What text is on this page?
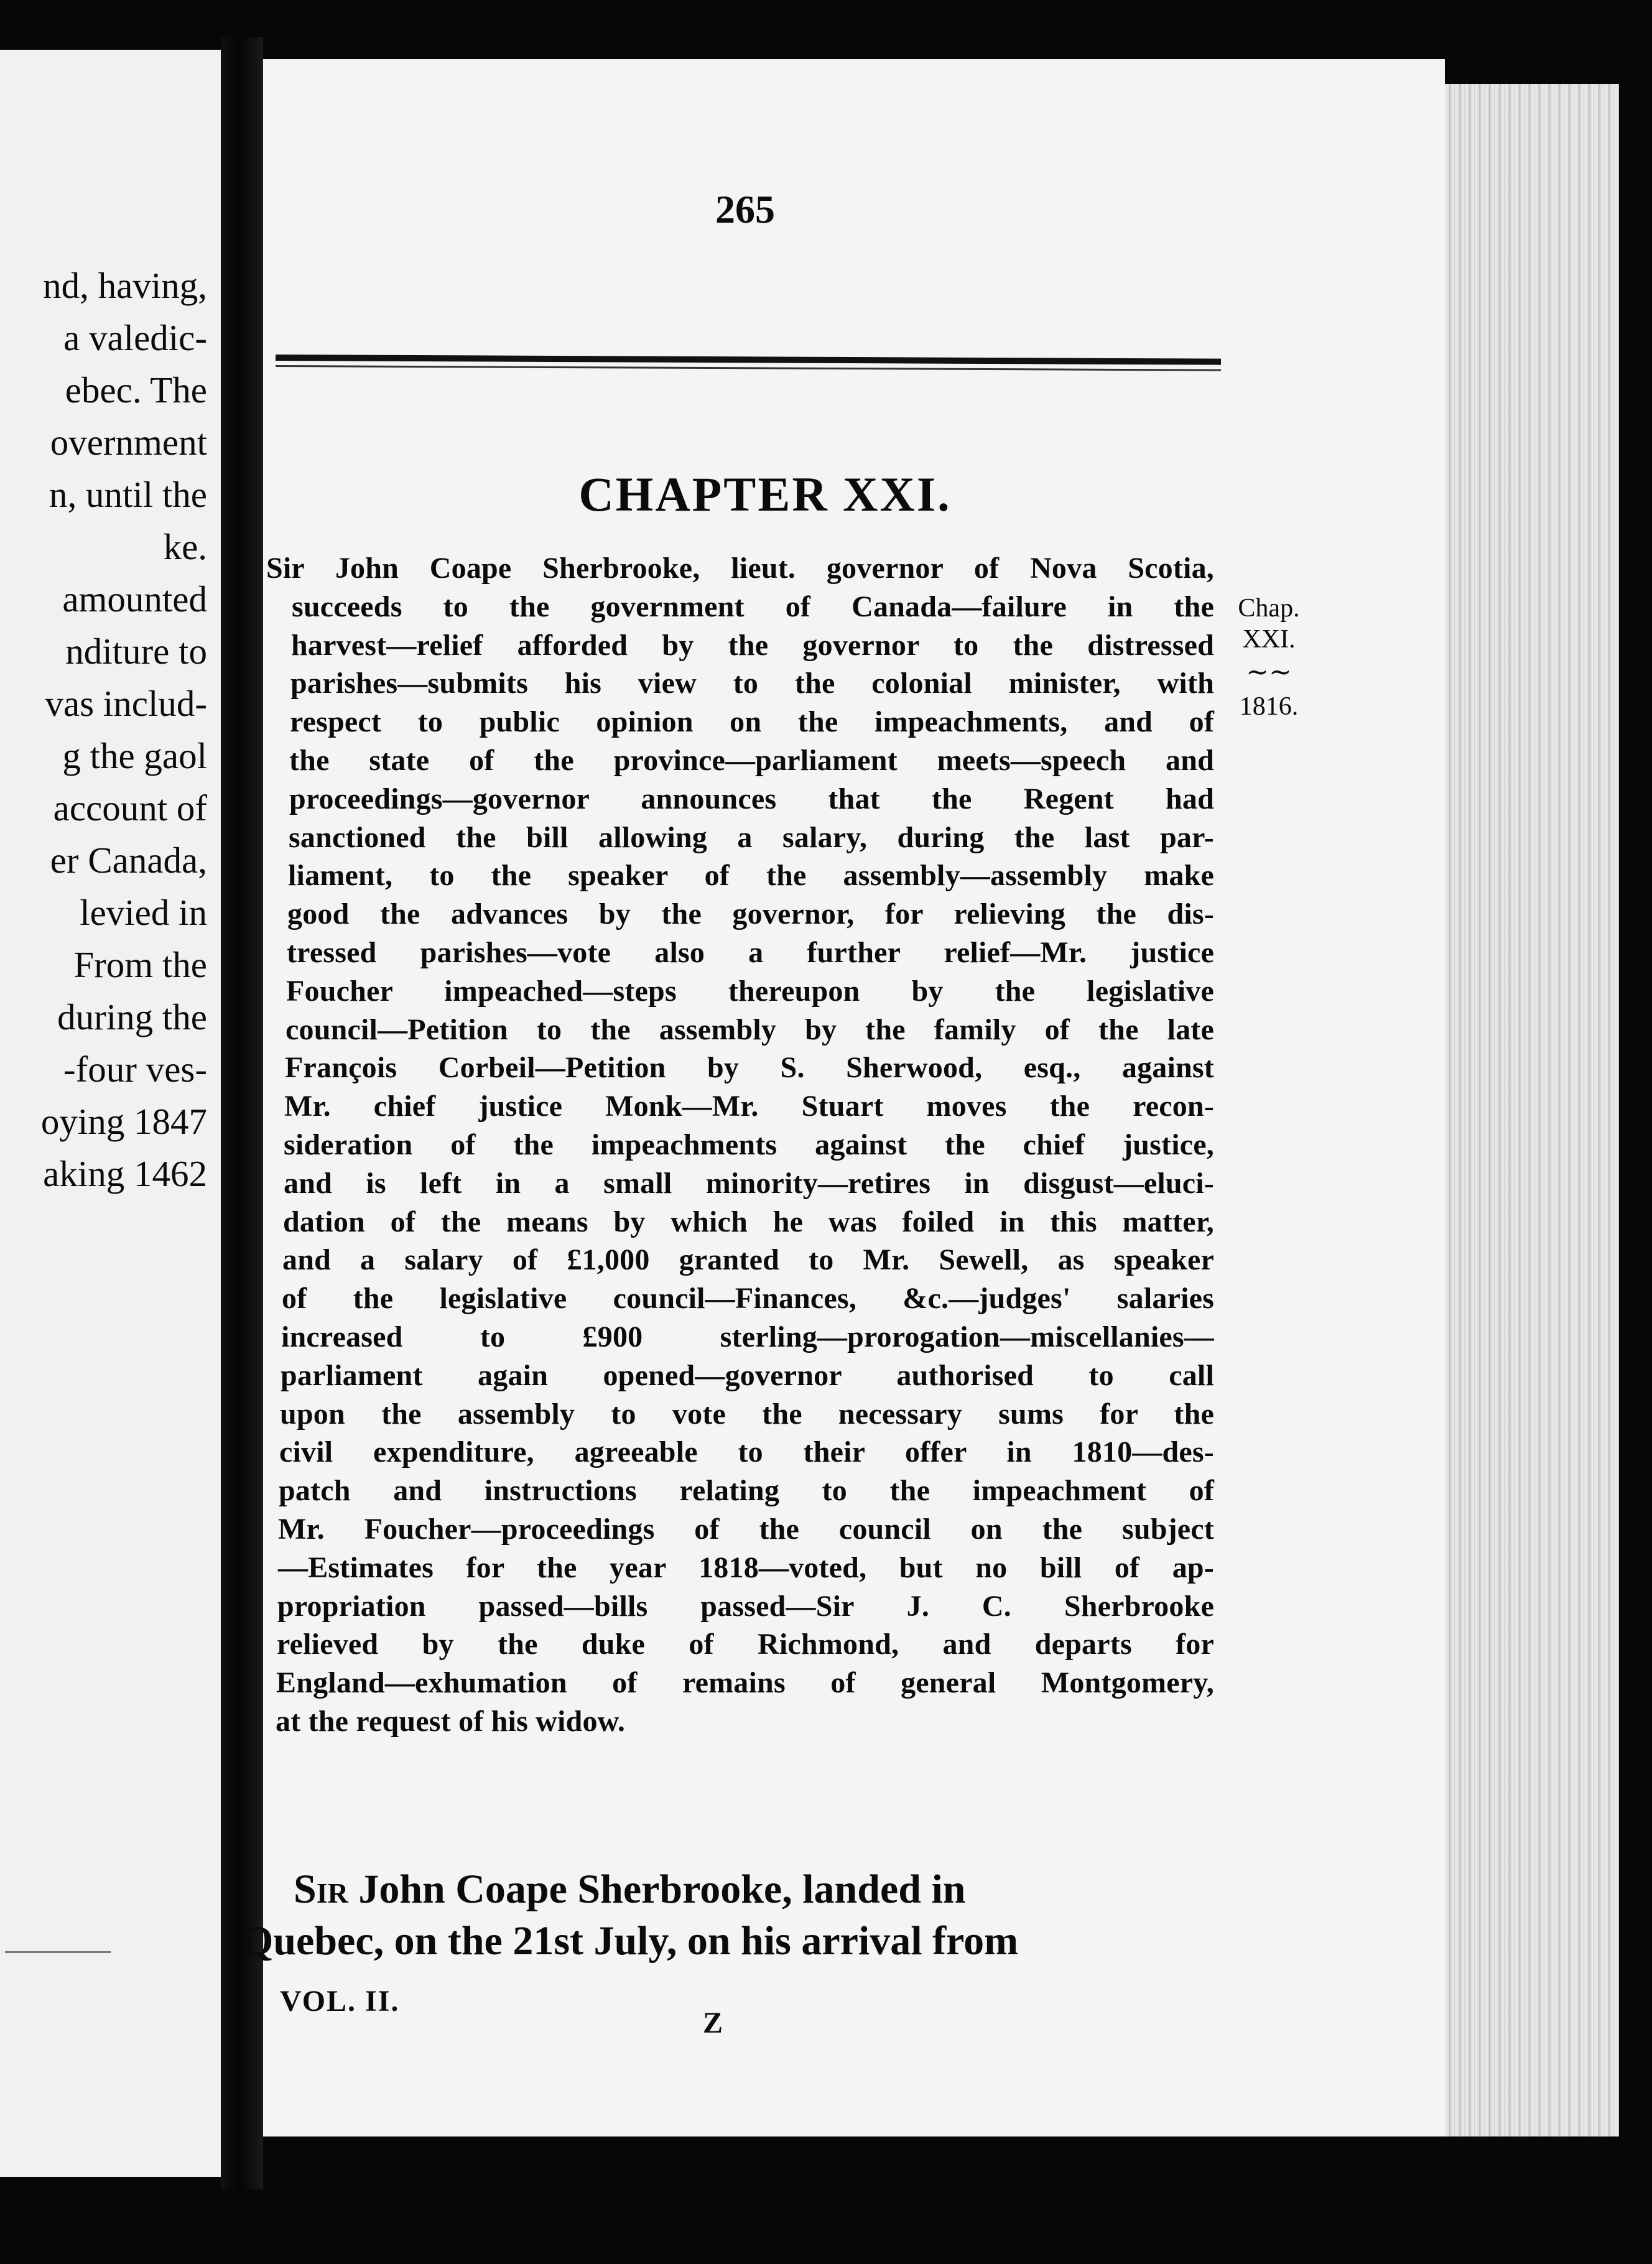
nd, having,
a valedic-
ebec. The
overnment
n, until the
ke.
amounted
nditure to
vas includ-
g the gaol
account of
er Canada,
levied in
From the
during the
-four ves-
oying 1847
aking 1462
265
CHAPTER XXI.
Chap.
XXI.
∼∼
1816.
Sir John Coape Sherbrooke, lieut. governor of Nova Scotia,
succeeds to the government of Canada—failure in the
harvest—relief afforded by the governor to the distressed
parishes—submits his view to the colonial minister, with
respect to public opinion on the impeachments, and of
the state of the province—parliament meets—speech and
proceedings—governor announces that the Regent had
sanctioned the bill allowing a salary, during the last par-
liament, to the speaker of the assembly—assembly make
good the advances by the governor, for relieving the dis-
tressed parishes—vote also a further relief—Mr. justice
Foucher impeached—steps thereupon by the legislative
council—Petition to the assembly by the family of the late
François Corbeil—Petition by S. Sherwood, esq., against
Mr. chief justice Monk—Mr. Stuart moves the recon-
sideration of the impeachments against the chief justice,
and is left in a small minority—retires in disgust—eluci-
dation of the means by which he was foiled in this matter,
and a salary of £1,000 granted to Mr. Sewell, as speaker
of the legislative council—Finances, &c.—judges' salaries
increased to £900 sterling—prorogation—miscellanies—
parliament again opened—governor authorised to call
upon the assembly to vote the necessary sums for the
civil expenditure, agreeable to their offer in 1810—des-
patch and instructions relating to the impeachment of
Mr. Foucher—proceedings of the council on the subject
—Estimates for the year 1818—voted, but no bill of ap-
propriation passed—bills passed—Sir J. C. Sherbrooke
relieved by the duke of Richmond, and departs for
England—exhumation of remains of general Montgomery,
at the request of his widow.
Sir John Coape Sherbrooke, landed in
Quebec, on the 21st July, on his arrival from
VOL. II.
Z
